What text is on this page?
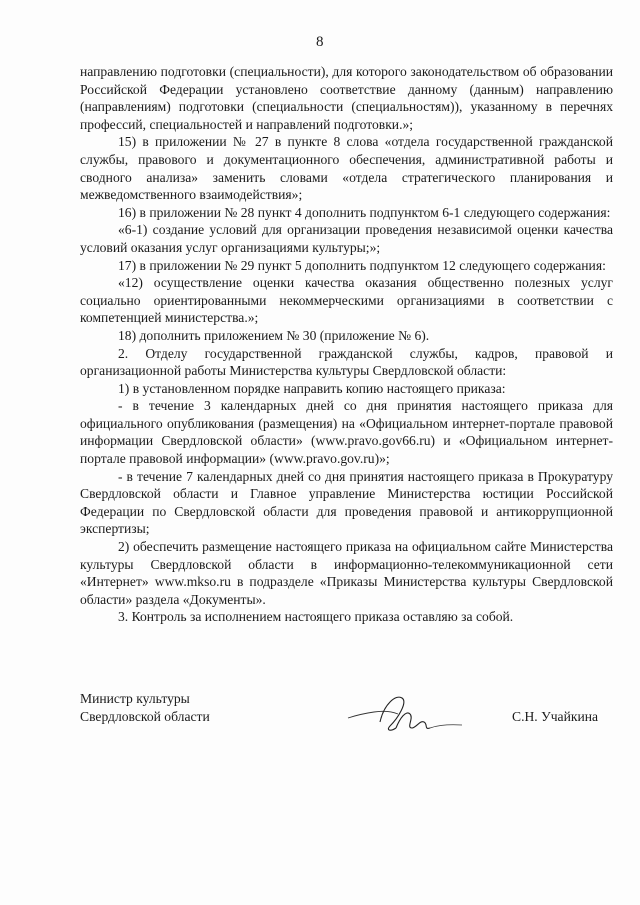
8

направлению подготовки (специальности), для которого законодательством об образовании Российской Федерации установлено соответствие данному (данным) направлению (направлениям) подготовки (специальности (специальностям)), указанному в перечнях профессий, специальностей и направлений подготовки.»;

15) в приложении № 27 в пункте 8 слова «отдела государственной гражданской службы, правового и документационного обеспечения, административной работы и сводного анализа» заменить словами «отдела стратегического планирования и межведомственного взаимодействия»;

16) в приложении № 28 пункт 4 дополнить подпунктом 6-1 следующего содержания:

«6-1) создание условий для организации проведения независимой оценки качества условий оказания услуг организациями культуры;»;

17) в приложении № 29 пункт 5 дополнить подпунктом 12 следующего содержания:

«12) осуществление оценки качества оказания общественно полезных услуг социально ориентированными некоммерческими организациями в соответствии с компетенцией министерства.»;

18) дополнить приложением № 30 (приложение № 6).

2. Отделу государственной гражданской службы, кадров, правовой и организационной работы Министерства культуры Свердловской области:

1) в установленном порядке направить копию настоящего приказа:

- в течение 3 календарных дней со дня принятия настоящего приказа для официального опубликования (размещения) на «Официальном интернет-портале правовой информации Свердловской области» (www.pravo.gov66.ru) и «Официальном интернет-портале правовой информации» (www.pravo.gov.ru)»;

- в течение 7 календарных дней со дня принятия настоящего приказа в Прокуратуру Свердловской области и Главное управление Министерства юстиции Российской Федерации по Свердловской области для проведения правовой и антикоррупционной экспертизы;

2) обеспечить размещение настоящего приказа на официальном сайте Министерства культуры Свердловской области в информационно-телекоммуникационной сети «Интернет» www.mkso.ru в подразделе «Приказы Министерства культуры Свердловской области» раздела «Документы».

3. Контроль за исполнением настоящего приказа оставляю за собой.

Министр культуры
Свердловской области	С.Н. Учайкина
